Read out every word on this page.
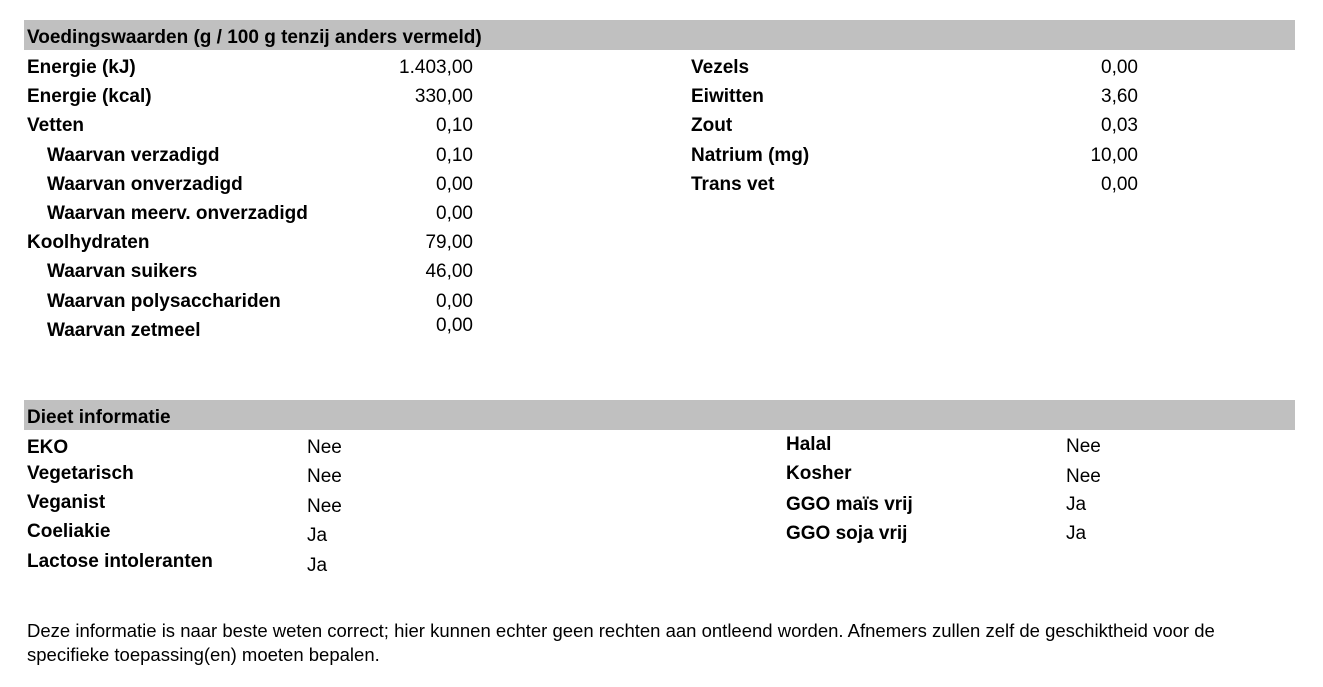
Voedingswaarden (g / 100 g tenzij anders vermeld)
Energie (kJ)	1.403,00
Energie (kcal)	330,00
Vetten	0,10
Waarvan verzadigd	0,10
Waarvan onverzadigd	0,00
Waarvan meerv. onverzadigd	0,00
Koolhydraten	79,00
Waarvan suikers	46,00
Waarvan polysacchariden	0,00
Waarvan zetmeel	0,00
Vezels	0,00
Eiwitten	3,60
Zout	0,03
Natrium (mg)	10,00
Trans vet	0,00
Dieet informatie
EKO	Nee
Vegetarisch	Nee
Veganist	Nee
Coeliakie	Ja
Lactose intoleranten	Ja
Halal	Nee
Kosher	Nee
GGO maïs vrij	Ja
GGO soja vrij	Ja
Deze informatie is naar beste weten correct; hier kunnen echter geen rechten aan ontleend worden. Afnemers zullen zelf de geschiktheid voor de specifieke toepassing(en) moeten bepalen.
